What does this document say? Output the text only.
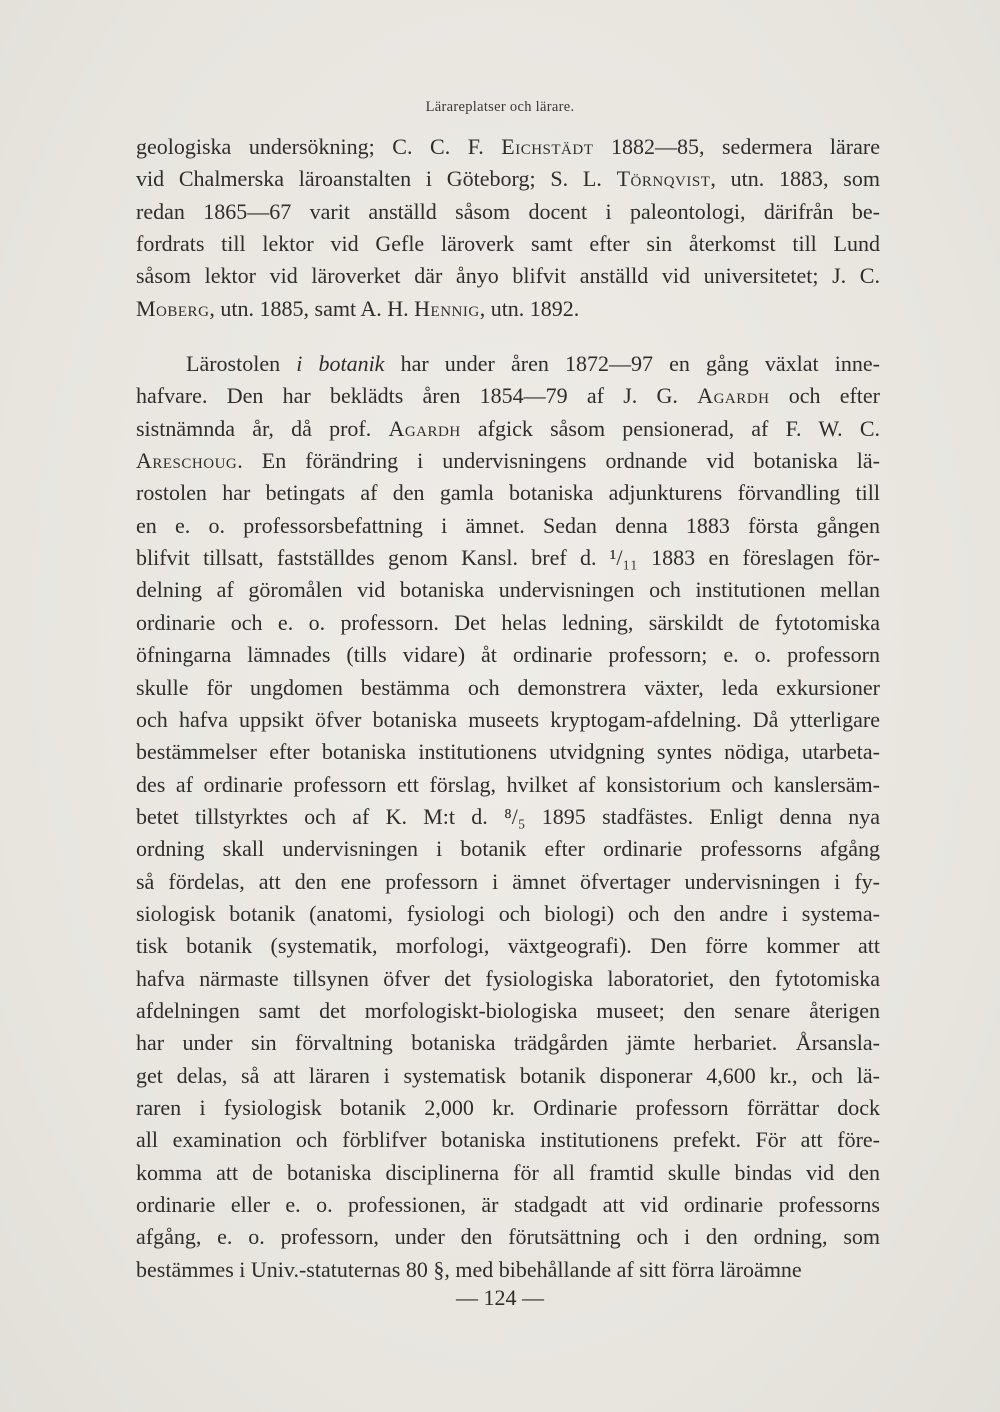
Lärareplatser och lärare.
geologiska undersökning; C. C. F. Eichstädt 1882—85, sedermera lärare
vid Chalmerska läroanstalten i Göteborg; S. L. Törnqvist, utn. 1883, som
redan 1865—67 varit anställd såsom docent i paleontologi, därifrån be-
fordrats till lektor vid Gefle läroverk samt efter sin återkomst till Lund
såsom lektor vid läroverket där ånyo blifvit anställd vid universitetet; J. C.
Moberg, utn. 1885, samt A. H. Hennig, utn. 1892.
Lärostolen i botanik har under åren 1872—97 en gång växlat inne-
hafvare. Den har beklädts åren 1854—79 af J. G. Agardh och efter
sistnämnda år, då prof. Agardh afgick såsom pensionerad, af F. W. C.
Areschoug. En förändring i undervisningens ordnande vid botaniska lä-
rostolen har betingats af den gamla botaniska adjunkturens förvandling till
en e. o. professorsbefattning i ämnet. Sedan denna 1883 första gången
blifvit tillsatt, fastställdes genom Kansl. bref d. ¹/₁₁ 1883 en föreslagen för-
delning af göromålen vid botaniska undervisningen och institutionen mellan
ordinarie och e. o. professorn. Det helas ledning, särskildt de fytotomiska
öfningarna lämnades (tills vidare) åt ordinarie professorn; e. o. professorn
skulle för ungdomen bestämma och demonstrera växter, leda exkursioner
och hafva uppsikt öfver botaniska museets kryptogam-afdelning. Då ytterligare
bestämmelser efter botaniska institutionens utvidgning syntes nödiga, utarbeta-
des af ordinarie professorn ett förslag, hvilket af konsistorium och kanslersäm-
betet tillstyrktes och af K. M:t d. ⁸/₅ 1895 stadfästes. Enligt denna nya
ordning skall undervisningen i botanik efter ordinarie professorns afgång
så fördelas, att den ene professorn i ämnet öfvertager undervisningen i fy-
siologisk botanik (anatomi, fysiologi och biologi) och den andre i systema-
tisk botanik (systematik, morfologi, växtgeografi). Den förre kommer att
hafva närmaste tillsynen öfver det fysiologiska laboratoriet, den fytotomiska
afdelningen samt det morfologiskt-biologiska museet; den senare återigen
har under sin förvaltning botaniska trädgården jämte herbariet. Årsansla-
get delas, så att läraren i systematisk botanik disponerar 4,600 kr., och lä-
raren i fysiologisk botanik 2,000 kr. Ordinarie professorn förrättar dock
all examination och förblifver botaniska institutionens prefekt. För att före-
komma att de botaniska disciplinerna för all framtid skulle bindas vid den
ordinarie eller e. o. professionen, är stadgadt att vid ordinarie professorns
afgång, e. o. professorn, under den förutsättning och i den ordning, som
bestämmes i Univ.-statuternas 80 §, med bibehållande af sitt förra läroämne
— 124 —
